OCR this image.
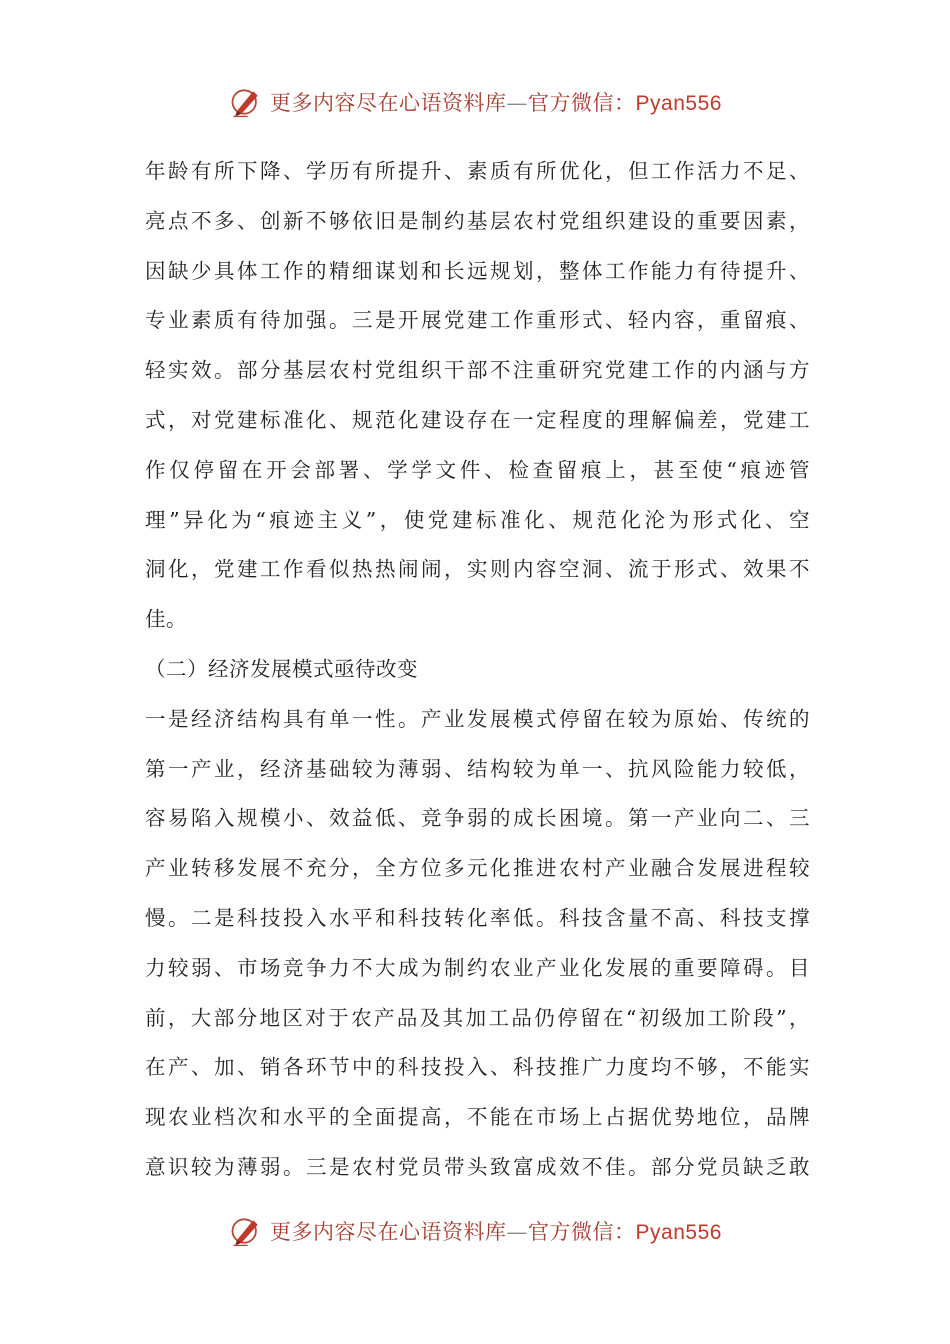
更多内容尽在心语资料库—官方微信：Pyan556
年龄有所下降、学历有所提升、素质有所优化，但工作活力不足、
亮点不多、创新不够依旧是制约基层农村党组织建设的重要因素，
因缺少具体工作的精细谋划和长远规划，整体工作能力有待提升、
专业素质有待加强。三是开展党建工作重形式、轻内容，重留痕、
轻实效。部分基层农村党组织干部不注重研究党建工作的内涵与方
式，对党建标准化、规范化建设存在一定程度的理解偏差，党建工
作仅停留在开会部署、学学文件、检查留痕上，甚至使“痕迹管
理”异化为“痕迹主义”，使党建标准化、规范化沦为形式化、空
洞化，党建工作看似热热闹闹，实则内容空洞、流于形式、效果不
佳。
（二）经济发展模式亟待改变
一是经济结构具有单一性。产业发展模式停留在较为原始、传统的
第一产业，经济基础较为薄弱、结构较为单一、抗风险能力较低，
容易陷入规模小、效益低、竞争弱的成长困境。第一产业向二、三
产业转移发展不充分，全方位多元化推进农村产业融合发展进程较
慢。二是科技投入水平和科技转化率低。科技含量不高、科技支撑
力较弱、市场竞争力不大成为制约农业产业化发展的重要障碍。目
前，大部分地区对于农产品及其加工品仍停留在“初级加工阶段”，
在产、加、销各环节中的科技投入、科技推广力度均不够，不能实
现农业档次和水平的全面提高，不能在市场上占据优势地位，品牌
意识较为薄弱。三是农村党员带头致富成效不佳。部分党员缺乏敢
更多内容尽在心语资料库—官方微信：Pyan556
